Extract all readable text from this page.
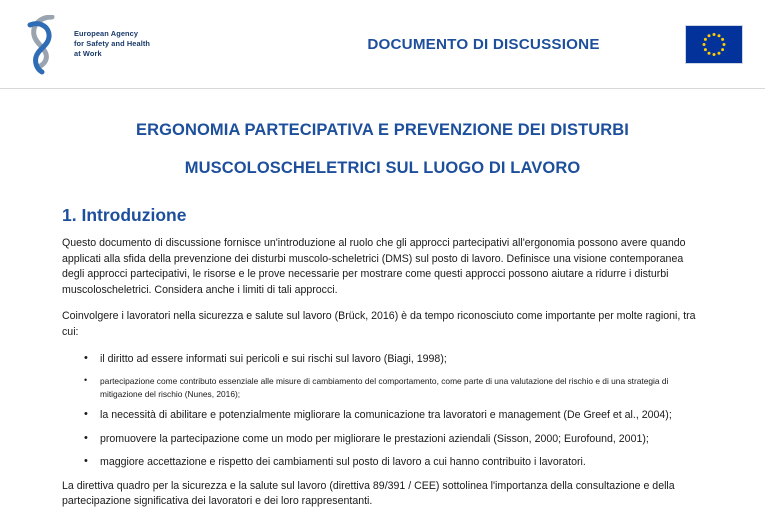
European Agency
for Safety and Health
at Work
DOCUMENTO DI DISCUSSIONE
ERGONOMIA PARTECIPATIVA E PREVENZIONE DEI DISTURBI
MUSCOLOSCHELETRICI SUL LUOGO DI LAVORO
1. Introduzione

Questo documento di discussione fornisce un'introduzione al ruolo che gli approcci partecipativi all'ergonomia possono avere quando applicati alla sfida della prevenzione dei disturbi muscolo-scheletrici (DMS) sul posto di lavoro. Definisce una visione contemporanea degli approcci partecipativi, le risorse e le prove necessarie per mostrare come questi approcci possono aiutare a ridurre i disturbi muscoloscheletrici. Considera anche i limiti di tali approcci.

Coinvolgere i lavoratori nella sicurezza e salute sul lavoro (Brück, 2016) è da tempo riconosciuto come importante per molte ragioni, tra cui:

• il diritto ad essere informati sui pericoli e sui rischi sul lavoro (Biagi, 1998);
• partecipazione come contributo essenziale alle misure di cambiamento del comportamento, come parte di una valutazione del rischio e di una strategia di mitigazione del rischio (Nunes, 2016);
• la necessità di abilitare e potenzialmente migliorare la comunicazione tra lavoratori e management (De Greef et al., 2004);
• promuovere la partecipazione come un modo per migliorare le prestazioni aziendali (Sisson, 2000; Eurofound, 2001);
• maggiore accettazione e rispetto dei cambiamenti sul posto di lavoro a cui hanno contribuito i lavoratori.

La direttiva quadro per la sicurezza e la salute sul lavoro (direttiva 89/391 / CEE) sottolinea l'importanza della consultazione e della partecipazione significativa dei lavoratori e dei loro rappresentanti.
